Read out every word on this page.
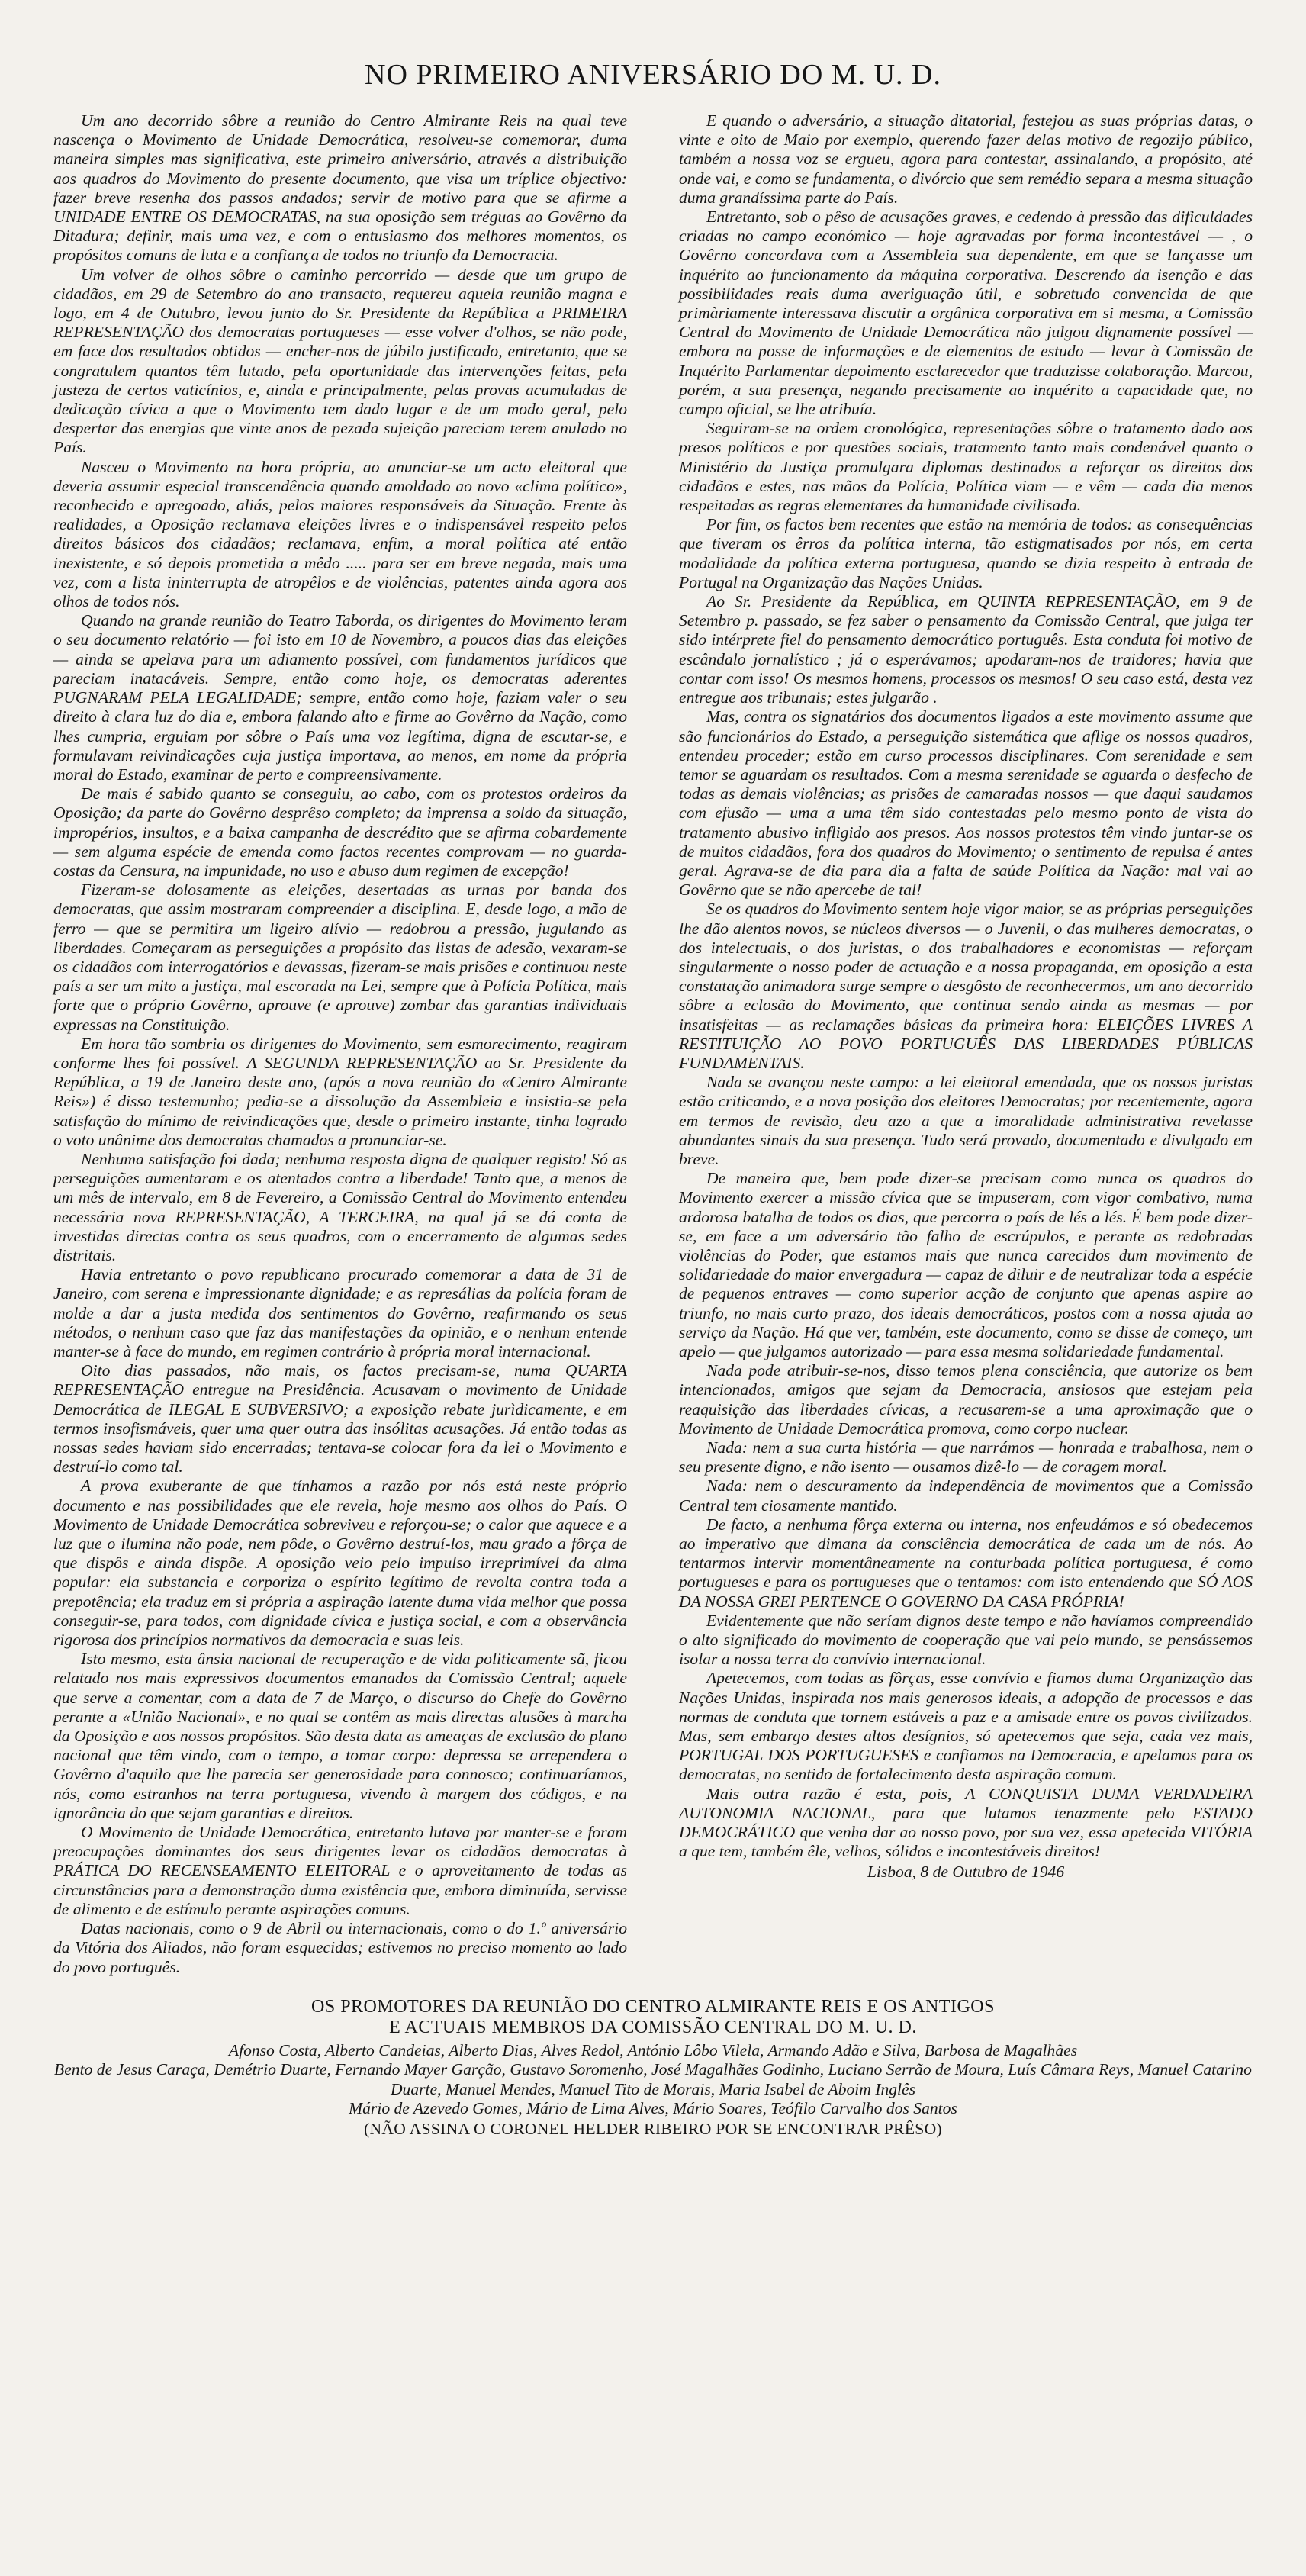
NO PRIMEIRO ANIVERSÁRIO DO M. U. D.

Um ano decorrido sôbre a reunião do Centro Almirante Reis na qual teve nascença o Movimento de Unidade Democrática, resolveu-se comemorar, duma maneira simples mas significativa, este primeiro aniversário, através a distribuição aos quadros do Movimento do presente documento, que visa um tríplice objectivo: fazer breve resenha dos passos andados; servir de motivo para que se afirme a UNIDADE ENTRE OS DEMOCRATAS, na sua oposição sem tréguas ao Govêrno da Ditadura; definir, mais uma vez, e com o entusiasmo dos melhores momentos, os propósitos comuns de luta e a confiança de todos no triunfo da Democracia.

Um volver de olhos sôbre o caminho percorrido — desde que um grupo de cidadãos, em 29 de Setembro do ano transacto, requereu aquela reunião magna e logo, em 4 de Outubro, levou junto do Sr. Presidente da República a PRIMEIRA REPRESENTAÇÃO dos democratas portugueses — esse volver d'olhos, se não pode, em face dos resultados obtidos — encher-nos de júbilo justificado, entretanto, que se congratulem quantos têm lutado, pela oportunidade das intervenções feitas, pela justeza de certos vaticínios, e, ainda e principalmente, pelas provas acumuladas de dedicação cívica a que o Movimento tem dado lugar e de um modo geral, pelo despertar das energias que vinte anos de pezada sujeição pareciam terem anulado no País.

Nasceu o Movimento na hora própria, ao anunciar-se um acto eleitoral que deveria assumir especial transcendência quando amoldado ao novo «clima político», reconhecido e apregoado, aliás, pelos maiores responsáveis da Situação. Frente às realidades, a Oposição reclamava eleições livres e o indispensável respeito pelos direitos básicos dos cidadãos; reclamava, enfim, a moral política até então inexistente, e só depois prometida a mêdo ..... para ser em breve negada, mais uma vez, com a lista ininterrupta de atropêlos e de violências, patentes ainda agora aos olhos de todos nós.

Quando na grande reunião do Teatro Taborda, os dirigentes do Movimento leram o seu documento relatório — foi isto em 10 de Novembro, a poucos dias das eleições — ainda se apelava para um adiamento possível, com fundamentos jurídicos que pareciam inatacáveis. Sempre, então como hoje, os democratas aderentes PUGNARAM PELA LEGALIDADE; sempre, então como hoje, faziam valer o seu direito à clara luz do dia e, embora falando alto e firme ao Govêrno da Nação, como lhes cumpria, erguiam por sôbre o País uma voz legítima, digna de escutar-se, e formulavam reivindicações cuja justiça importava, ao menos, em nome da própria moral do Estado, examinar de perto e compreensivamente.

De mais é sabido quanto se conseguiu, ao cabo, com os protestos ordeiros da Oposição; da parte do Govêrno desprêso completo; da imprensa a soldo da situação, impropérios, insultos, e a baixa campanha de descrédito que se afirma cobardemente — sem alguma espécie de emenda como factos recentes comprovam — no guarda-costas da Censura, na impunidade, no uso e abuso dum regimen de excepção!

Fizeram-se dolosamente as eleições, desertadas as urnas por banda dos democratas, que assim mostraram compreender a disciplina. E, desde logo, a mão de ferro — que se permitira um ligeiro alívio — redobrou a pressão, jugulando as liberdades. Começaram as perseguições a propósito das listas de adesão, vexaram-se os cidadãos com interrogatórios e devassas, fizeram-se mais prisões e continuou neste país a ser um mito a justiça, mal escorada na Lei, sempre que à Polícia Política, mais forte que o próprio Govêrno, aprouve (e aprouve) zombar das garantias individuais expressas na Constituição.

Em hora tão sombria os dirigentes do Movimento, sem esmorecimento, reagiram conforme lhes foi possível. A SEGUNDA REPRESENTAÇÃO ao Sr. Presidente da República, a 19 de Janeiro deste ano, (após a nova reunião do «Centro Almirante Reis») é disso testemunho; pedia-se a dissolução da Assembleia e insistia-se pela satisfação do mínimo de reivindicações que, desde o primeiro instante, tinha logrado o voto unânime dos democratas chamados a pronunciar-se.

Nenhuma satisfação foi dada; nenhuma resposta digna de qualquer registo! Só as perseguições aumentaram e os atentados contra a liberdade! Tanto que, a menos de um mês de intervalo, em 8 de Fevereiro, a Comissão Central do Movimento entendeu necessária nova REPRESENTAÇÃO, A TERCEIRA, na qual já se dá conta de investidas directas contra os seus quadros, com o encerramento de algumas sedes distritais.

Havia entretanto o povo republicano procurado comemorar a data de 31 de Janeiro, com serena e impressionante dignidade; e as represálias da polícia foram de molde a dar a justa medida dos sentimentos do Govêrno, reafirmando os seus métodos, o nenhum caso que faz das manifestações da opinião, e o nenhum entende manter-se à face do mundo, em regimen contrário à própria moral internacional.

Oito dias passados, não mais, os factos precisam-se, numa QUARTA REPRESENTAÇÃO entregue na Presidência. Acusavam o movimento de Unidade Democrática de ILEGAL E SUBVERSIVO; a exposição rebate jurìdicamente, e em termos insofismáveis, quer uma quer outra das insólitas acusações. Já então todas as nossas sedes haviam sido encerradas; tentava-se colocar fora da lei o Movimento e destruí-lo como tal.

A prova exuberante de que tínhamos a razão por nós está neste próprio documento e nas possibilidades que ele revela, hoje mesmo aos olhos do País. O Movimento de Unidade Democrática sobreviveu e reforçou-se; o calor que aquece e a luz que o ilumina não pode, nem pôde, o Govêrno destruí-los, mau grado a fôrça de que dispôs e ainda dispõe. A oposição veio pelo impulso irreprimível da alma popular: ela substancia e corporiza o espírito legítimo de revolta contra toda a prepotência; ela traduz em si própria a aspiração latente duma vida melhor que possa conseguir-se, para todos, com dignidade cívica e justiça social, e com a observância rigorosa dos princípios normativos da democracia e suas leis.

Isto mesmo, esta ânsia nacional de recuperação e de vida politicamente sã, ficou relatado nos mais expressivos documentos emanados da Comissão Central; aquele que serve a comentar, com a data de 7 de Março, o discurso do Chefe do Govêrno perante a «União Nacional», e no qual se contêm as mais directas alusões à marcha da Oposição e aos nossos propósitos. São desta data as ameaças de exclusão do plano nacional que têm vindo, com o tempo, a tomar corpo: depressa se arrependera o Govêrno d'aquilo que lhe parecia ser generosidade para connosco; continuaríamos, nós, como estranhos na terra portuguesa, vivendo à margem dos códigos, e na ignorância do que sejam garantias e direitos.

O Movimento de Unidade Democrática, entretanto lutava por manter-se e foram preocupações dominantes dos seus dirigentes levar os cidadãos democratas à PRÁTICA DO RECENSEAMENTO ELEITORAL e o aproveitamento de todas as circunstâncias para a demonstração duma existência que, embora diminuída, servisse de alimento e de estímulo perante aspirações comuns.

Datas nacionais, como o 9 de Abril ou internacionais, como o do 1.º aniversário da Vitória dos Aliados, não foram esquecidas; estivemos no preciso momento ao lado do povo português.

E quando o adversário, a situação ditatorial, festejou as suas próprias datas, o vinte e oito de Maio por exemplo, querendo fazer delas motivo de regozijo público, também a nossa voz se ergueu, agora para contestar, assinalando, a propósito, até onde vai, e como se fundamenta, o divórcio que sem remédio separa a mesma situação duma grandíssima parte do País.

Entretanto, sob o pêso de acusações graves, e cedendo à pressão das dificuldades criadas no campo económico — hoje agravadas por forma incontestável — , o Govêrno concordava com a Assembleia sua dependente, em que se lançasse um inquérito ao funcionamento da máquina corporativa. Descrendo da isenção e das possibilidades reais duma averiguação útil, e sobretudo convencida de que primàriamente interessava discutir a orgânica corporativa em si mesma, a Comissão Central do Movimento de Unidade Democrática não julgou dignamente possível — embora na posse de informações e de elementos de estudo — levar à Comissão de Inquérito Parlamentar depoimento esclarecedor que traduzisse colaboração. Marcou, porém, a sua presença, negando precisamente ao inquérito a capacidade que, no campo oficial, se lhe atribuía.

Seguiram-se na ordem cronológica, representações sôbre o tratamento dado aos presos políticos e por questões sociais, tratamento tanto mais condenável quanto o Ministério da Justiça promulgara diplomas destinados a reforçar os direitos dos cidadãos e estes, nas mãos da Polícia, Política viam — e vêm — cada dia menos respeitadas as regras elementares da humanidade civilisada.

Por fim, os factos bem recentes que estão na memória de todos: as consequências que tiveram os êrros da política interna, tão estigmatisados por nós, em certa modalidade da política externa portuguesa, quando se dizia respeito à entrada de Portugal na Organização das Nações Unidas.

Ao Sr. Presidente da República, em QUINTA REPRESENTAÇÃO, em 9 de Setembro p. passado, se fez saber o pensamento da Comissão Central, que julga ter sido intérprete fiel do pensamento democrático português. Esta conduta foi motivo de escândalo jornalístico ; já o esperávamos; apodaram-nos de traidores; havia que contar com isso! Os mesmos homens, processos os mesmos! O seu caso está, desta vez entregue aos tribunais; estes julgarão .

Mas, contra os signatários dos documentos ligados a este movimento assume que são funcionários do Estado, a perseguição sistemática que aflige os nossos quadros, entendeu proceder; estão em curso processos disciplinares. Com serenidade e sem temor se aguardam os resultados. Com a mesma serenidade se aguarda o desfecho de todas as demais violências; as prisões de camaradas nossos — que daqui saudamos com efusão — uma a uma têm sido contestadas pelo mesmo ponto de vista do tratamento abusivo infligido aos presos. Aos nossos protestos têm vindo juntar-se os de muitos cidadãos, fora dos quadros do Movimento; o sentimento de repulsa é antes geral. Agrava-se de dia para dia a falta de saúde Política da Nação: mal vai ao Govêrno que se não apercebe de tal!

Se os quadros do Movimento sentem hoje vigor maior, se as próprias perseguições lhe dão alentos novos, se núcleos diversos — o Juvenil, o das mulheres democratas, o dos intelectuais, o dos juristas, o dos trabalhadores e economistas — reforçam singularmente o nosso poder de actuação e a nossa propaganda, em oposição a esta constatação animadora surge sempre o desgôsto de reconhecermos, um ano decorrido sôbre a eclosão do Movimento, que continua sendo ainda as mesmas — por insatisfeitas — as reclamações básicas da primeira hora: ELEIÇÕES LIVRES A RESTITUIÇÃO AO POVO PORTUGUÊS DAS LIBERDADES PÚBLICAS FUNDAMENTAIS.

Nada se avançou neste campo: a lei eleitoral emendada, que os nossos juristas estão criticando, e a nova posição dos eleitores Democratas; por recentemente, agora em termos de revisão, deu azo a que a imoralidade administrativa revelasse abundantes sinais da sua presença. Tudo será provado, documentado e divulgado em breve.

De maneira que, bem pode dizer-se precisam como nunca os quadros do Movimento exercer a missão cívica que se impuseram, com vigor combativo, numa ardorosa batalha de todos os dias, que percorra o país de lés a lés. É bem pode dizer-se, em face a um adversário tão falho de escrúpulos, e perante as redobradas violências do Poder, que estamos mais que nunca carecidos dum movimento de solidariedade do maior envergadura — capaz de diluir e de neutralizar toda a espécie de pequenos entraves — como superior acção de conjunto que apenas aspire ao triunfo, no mais curto prazo, dos ideais democráticos, postos com a nossa ajuda ao serviço da Nação. Há que ver, também, este documento, como se disse de começo, um apelo — que julgamos autorizado — para essa mesma solidariedade fundamental.

Nada pode atribuir-se-nos, disso temos plena consciência, que autorize os bem intencionados, amigos que sejam da Democracia, ansiosos que estejam pela reaquisição das liberdades cívicas, a recusarem-se a uma aproximação que o Movimento de Unidade Democrática promova, como corpo nuclear.

Nada: nem a sua curta história — que narrámos — honrada e trabalhosa, nem o seu presente digno, e não isento — ousamos dizê-lo — de coragem moral.

Nada: nem o descuramento da independência de movimentos que a Comissão Central tem ciosamente mantido.

De facto, a nenhuma fôrça externa ou interna, nos enfeudámos e só obedecemos ao imperativo que dimana da consciência democrática de cada um de nós. Ao tentarmos intervir momentâneamente na conturbada política portuguesa, é como portugueses e para os portugueses que o tentamos: com isto entendendo que SÓ AOS DA NOSSA GREI PERTENCE O GOVERNO DA CASA PRÓPRIA!

Evidentemente que não seríam dignos deste tempo e não havíamos compreendido o alto significado do movimento de cooperação que vai pelo mundo, se pensássemos isolar a nossa terra do convívio internacional.

Apetecemos, com todas as fôrças, esse convívio e fiamos duma Organização das Nações Unidas, inspirada nos mais generosos ideais, a adopção de processos e das normas de conduta que tornem estáveis a paz e a amisade entre os povos civilizados. Mas, sem embargo destes altos desígnios, só apetecemos que seja, cada vez mais, PORTUGAL DOS PORTUGUESES e confiamos na Democracia, e apelamos para os democratas, no sentido de fortalecimento desta aspiração comum.

Mais outra razão é esta, pois, A CONQUISTA DUMA VERDADEIRA AUTONOMIA NACIONAL, para que lutamos tenazmente pelo ESTADO DEMOCRÁTICO que venha dar ao nosso povo, por sua vez, essa apetecida VITÓRIA a que tem, também êle, velhos, sólidos e incontestáveis direitos!

Lisboa, 8 de Outubro de 1946

OS PROMOTORES DA REUNIÃO DO CENTRO ALMIRANTE REIS E OS ANTIGOS
E ACTUAIS MEMBROS DA COMISSÃO CENTRAL DO M. U. D.
Afonso Costa, Alberto Candeias, Alberto Dias, Alves Redol, António Lôbo Vilela, Armando Adão e Silva, Barbosa de Magalhães
Bento de Jesus Caraça, Demétrio Duarte, Fernando Mayer Garção, Gustavo Soromenho, José Magalhães Godinho, Luciano Serrão de Moura, Luís Câmara Reys, Manuel Catarino Duarte, Manuel Mendes, Manuel Tito de Morais, Maria Isabel de Aboim Inglês
Mário de Azevedo Gomes, Mário de Lima Alves, Mário Soares, Teófilo Carvalho dos Santos
(NÃO ASSINA O CORONEL HELDER RIBEIRO POR SE ENCONTRAR PRÊSO)
